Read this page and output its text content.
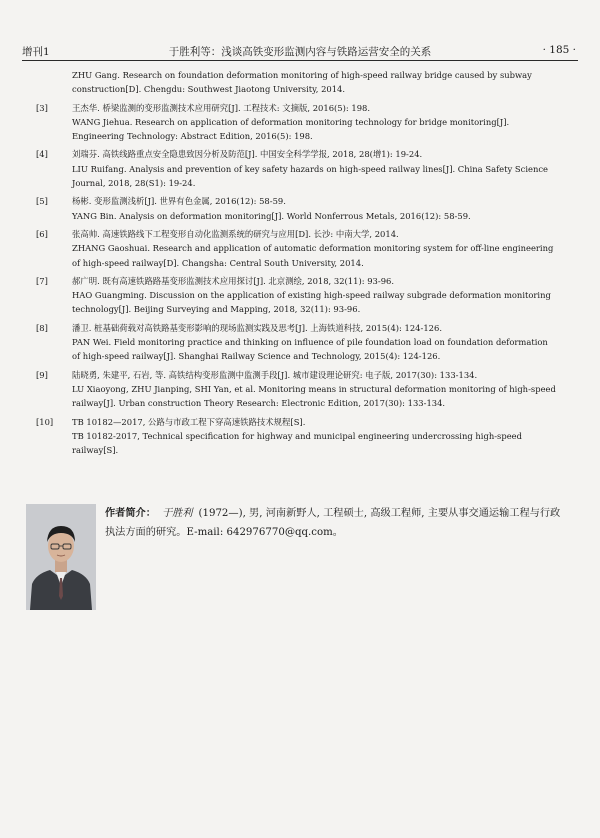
增刊1	于胜利等：浅谈高铁变形监测内容与铁路运营安全的关系	· 185 ·
ZHU Gang. Research on foundation deformation monitoring of high-speed railway bridge caused by subway construction[D]. Chengdu: Southwest Jiaotong University, 2014.
[3]	王杰华. 桥梁监测的变形监测技术应用研究[J]. 工程技术: 文摘版, 2016(5): 198.
WANG Jiehua. Research on application of deformation monitoring technology for bridge monitoring[J]. Engineering Technology: Abstract Edition, 2016(5): 198.
[4]	刘瑞芬. 高铁线路重点安全隐患致因分析及防范[J]. 中国安全科学学报, 2018, 28(增1): 19-24.
LIU Ruifang. Analysis and prevention of key safety hazards on high-speed railway lines[J]. China Safety Science Journal, 2018, 28(S1): 19-24.
[5]	杨彬. 变形监测浅析[J]. 世界有色金属, 2016(12): 58-59.
YANG Bin. Analysis on deformation monitoring[J]. World Nonferrous Metals, 2016(12): 58-59.
[6]	张高帅. 高速铁路线下工程变形自动化监测系统的研究与应用[D]. 长沙: 中南大学, 2014.
ZHANG Gaoshuai. Research and application of automatic deformation monitoring system for off-line engineering of high-speed railway[D]. Changsha: Central South University, 2014.
[7]	郝广明. 既有高速铁路路基变形监测技术应用探讨[J]. 北京测绘, 2018, 32(11): 93-96.
HAO Guangming. Discussion on the application of existing high-speed railway subgrade deformation monitoring technology[J]. Beijing Surveying and Mapping, 2018, 32(11): 93-96.
[8]	潘卫. 桩基础荷载对高铁路基变形影响的现场监测实践及思考[J]. 上海铁道科技, 2015(4): 124-126.
PAN Wei. Field monitoring practice and thinking on influence of pile foundation load on foundation deformation of high-speed railway[J]. Shanghai Railway Science and Technology, 2015(4): 124-126.
[9]	陆晓勇, 朱建平, 石岩, 等. 高铁结构变形监测中监测手段[J]. 城市建设理论研究: 电子版, 2017(30): 133-134.
LU Xiaoyong, ZHU Jianping, SHI Yan, et al. Monitoring means in structural deformation monitoring of high-speed railway[J]. Urban construction Theory Research: Electronic Edition, 2017(30): 133-134.
[10] TB 10182—2017, 公路与市政工程下穿高速铁路技术规程[S].
TB 10182-2017, Technical specification for highway and municipal engineering undercrossing high-speed railway[S].
作者简介： 于胜利 (1972—), 男, 河南新野人, 工程硕士, 高级工程师, 主要从事交通运输工程与行政执法方面的研究。E-mail: 642976770@qq.com。
